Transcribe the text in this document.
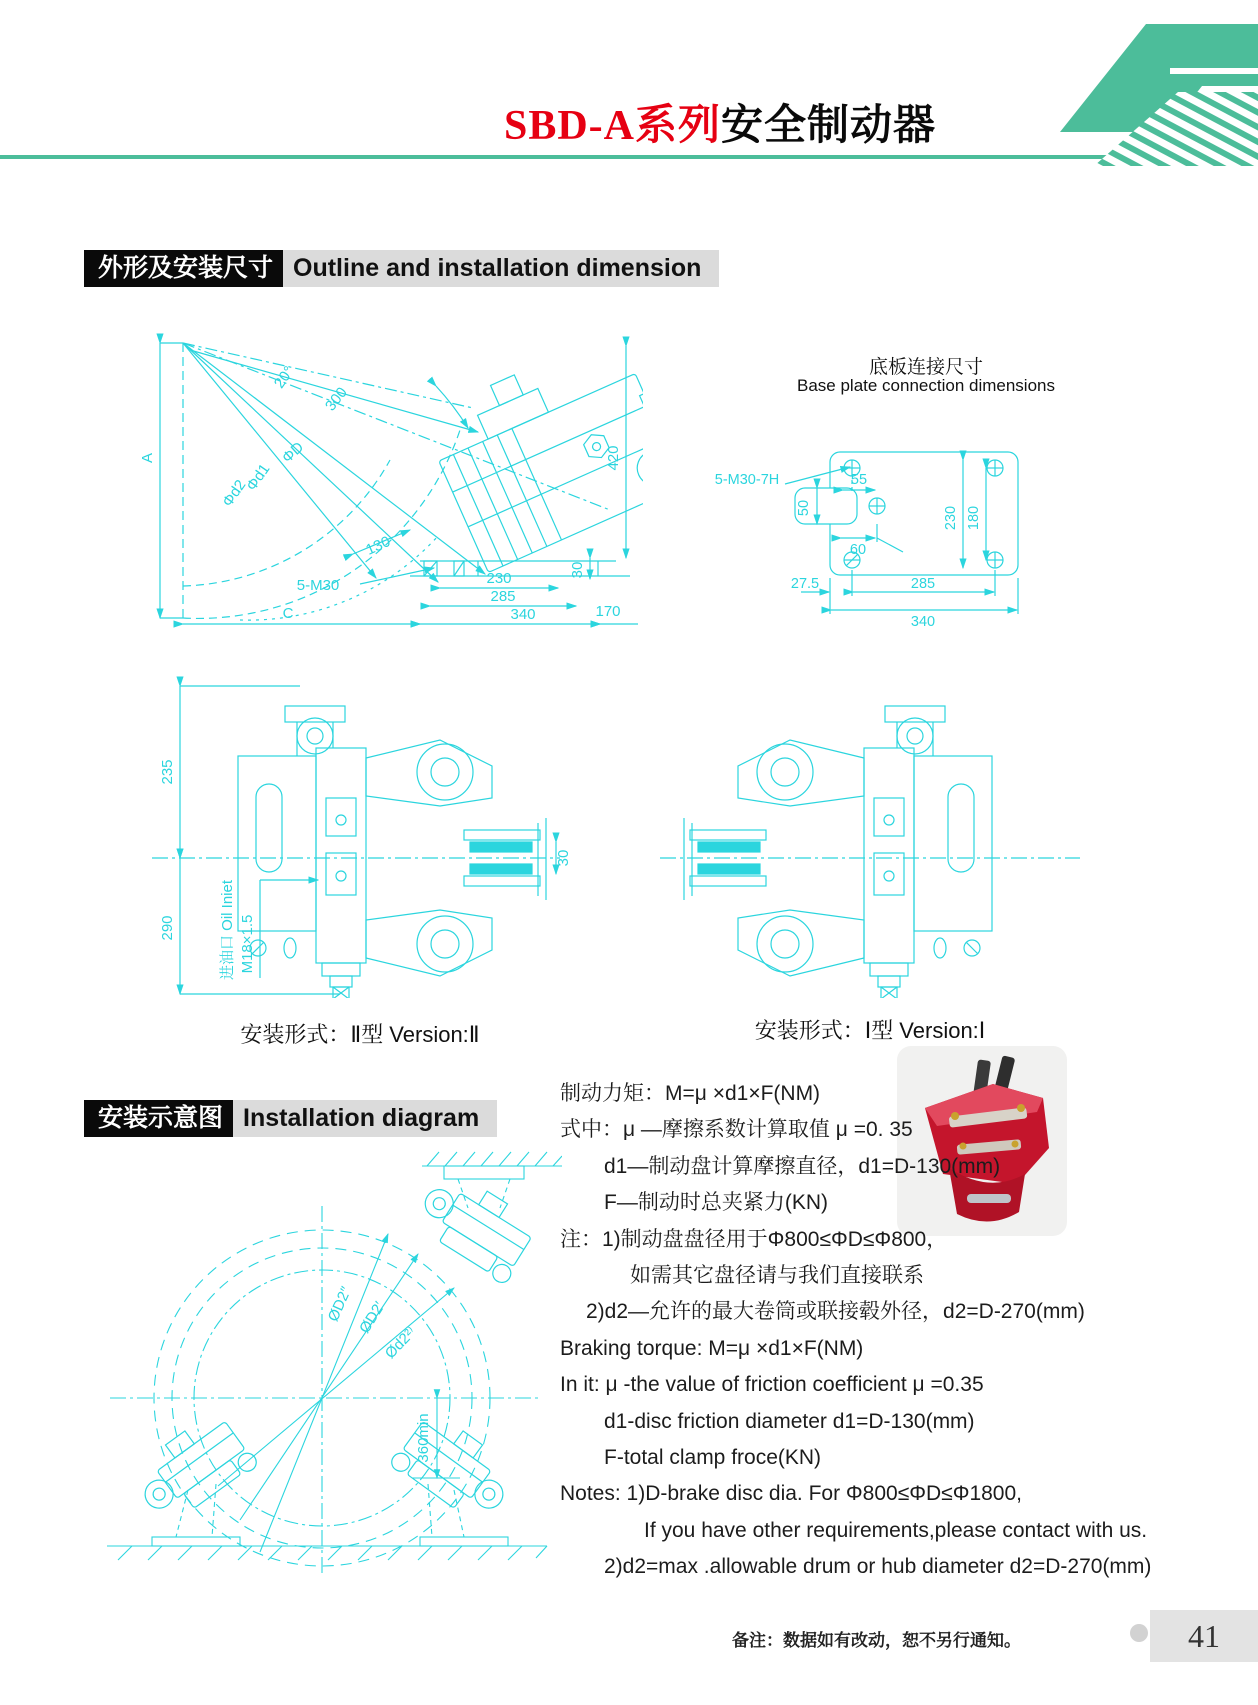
SBD-A系列安全制动器
外形及安装尺寸 Outline and installation dimension
20°
300
ΦD
Φd1
Φd2
A
130
5-M30
C
230
285
340	170
30
420
底板连接尺寸
Base plate connection dimensions
5-M30-7H	55
50
60
230 180
27.5	285
340
235
290	进油口 Oil Iniet M18×1.5
30
安装形式：Ⅱ型 Version:Ⅱ	安装形式：Ⅰ型 Version:Ⅰ
安装示意图 Installation diagram
ØD2″ ØD2′
Ød2²⁾
360min
制动力矩：M=μ ×d1×F(NM)
式中：μ —摩擦系数计算取值 μ =0. 35
d1—制动盘计算摩擦直径，d1=D-130(mm)
F—制动时总夹紧力(KN)
注：1)制动盘盘径用于Φ800≤ΦD≤Φ800，
如需其它盘径请与我们直接联系
2)d2—允许的最大卷筒或联接毂外径，d2=D-270(mm)
Braking torque: M=μ ×d1×F(NM)
In it: μ -the value of friction coefficient μ =0.35
d1-disc friction diameter d1=D-130(mm)
F-total clamp froce(KN)
Notes: 1)D-brake disc dia. For Φ800≤ΦD≤Φ1800,
If you have other requirements,please contact with us.
2)d2=max .allowable drum or hub diameter d2=D-270(mm)
备注：数据如有改动，恕不另行通知。	41
